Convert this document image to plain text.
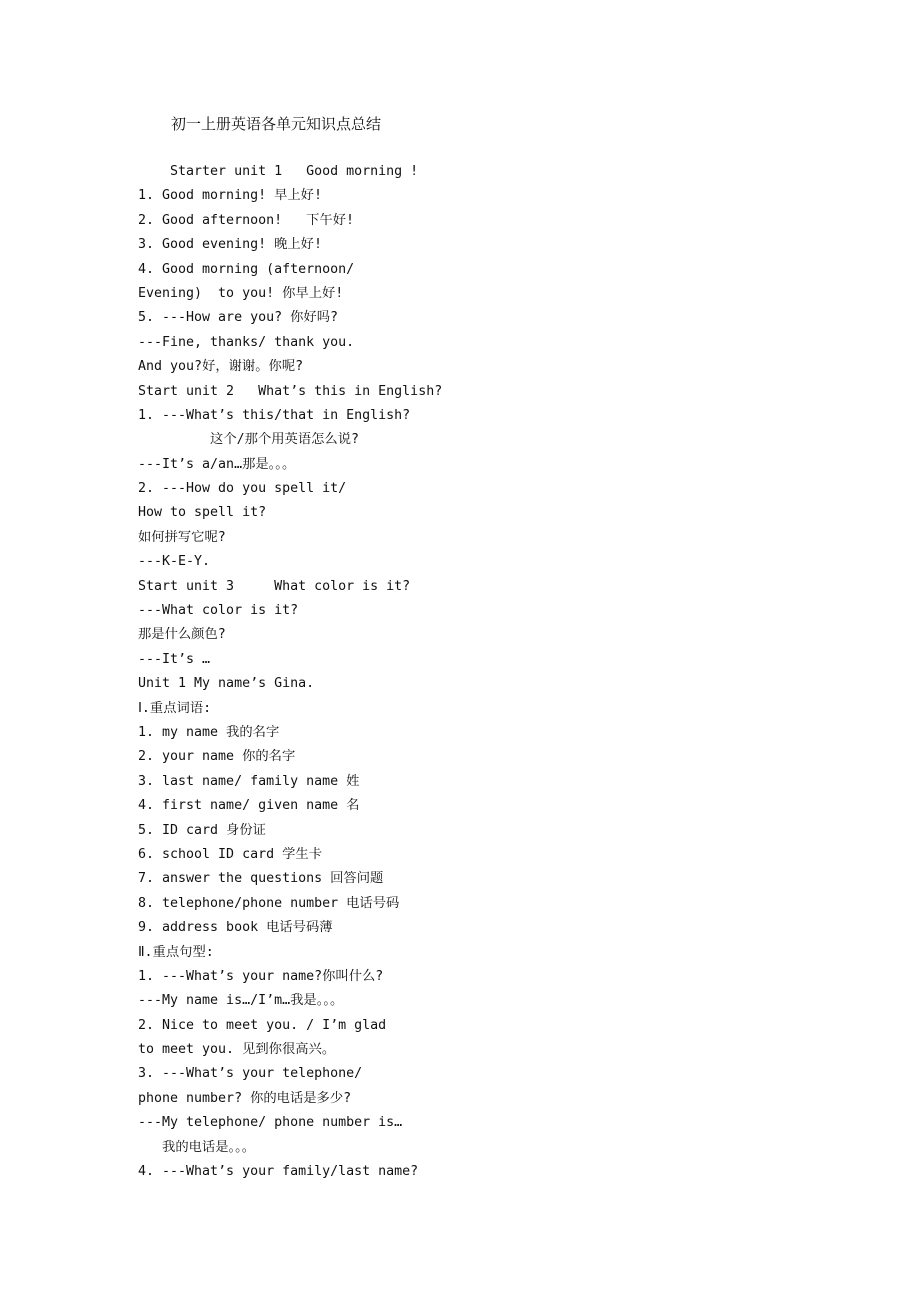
初一上册英语各单元知识点总结
Starter unit 1   Good morning !
1. Good morning! 早上好!
2. Good afternoon!   下午好!
3. Good evening! 晚上好!
4. Good morning (afternoon/
Evening)  to you! 你早上好!
5. ---How are you? 你好吗?
---Fine, thanks/ thank you.
And you?好，谢谢。你呢?
Start unit 2   What’s this in English?
1. ---What’s this/that in English?
这个/那个用英语怎么说?
---It’s a/an…那是。。。
2. ---How do you spell it/
How to spell it?
如何拼写它呢?
---K-E-Y.
Start unit 3     What color is it?
---What color is it?
那是什么颜色?
---It’s …
Unit 1 My name’s Gina.
Ⅰ.重点词语:
1. my name 我的名字
2. your name 你的名字
3. last name/ family name 姓
4. first name/ given name 名
5. ID card 身份证
6. school ID card 学生卡
7. answer the questions 回答问题
8. telephone/phone number 电话号码
9. address book 电话号码薄
Ⅱ.重点句型:
1. ---What’s your name?你叫什么?
---My name is…/I’m…我是。。。
2. Nice to meet you. / I’m glad
to meet you. 见到你很高兴。
3. ---What’s your telephone/
phone number? 你的电话是多少?
---My telephone/ phone number is…
我的电话是。。。
4. ---What’s your family/last name?
